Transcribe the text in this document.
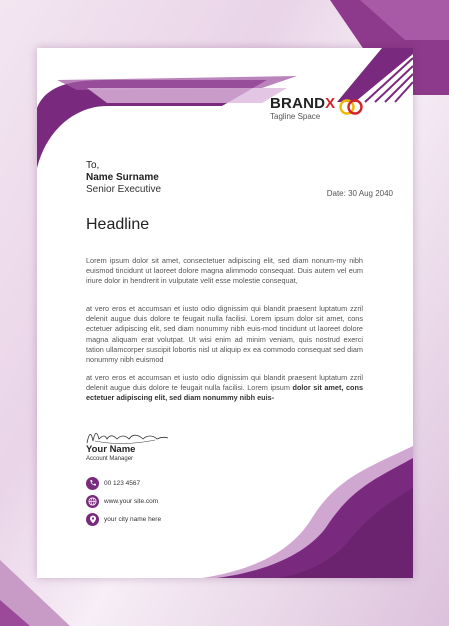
BRANDX
Tagline Space
To,
Name Surname
Senior Executive	Date: 30 Aug 2040
Headline

Lorem ipsum dolor sit amet, consectetuer adipiscing elit, sed diam nonum-my nibh euismod tincidunt ut laoreet dolore magna alimmodo consequat. Duis autem vel eum iriure dolor in hendrerit in vulputate velit esse molestie consequat,

at vero eros et accumsan et iusto odio dignissim qui blandit praesent luptatum zzril delenit augue duis dolore te feugait nulla facilisi. Lorem ipsum dolor sit amet, cons ectetuer adipiscing elit, sed diam nonummy nibh euis-mod tincidunt ut laoreet dolore magna aliquam erat volutpat. Ut wisi enim ad minim veniam, quis nostrud exerci tation ullamcorper suscipit lobortis nisl ut aliquip ex ea commodo consequat sed diam nonummy nibh euismod

at vero eros et accumsan et iusto odio dignissim qui blandit praesent luptatum zzril delenit augue duis dolore te feugait nulla facilisi. Lorem ipsum dolor sit amet, cons ectetuer adipiscing elit, sed diam nonummy nibh euis-

Your Name
Account Manager
00 123 4567
www.your site.com
your city name here
